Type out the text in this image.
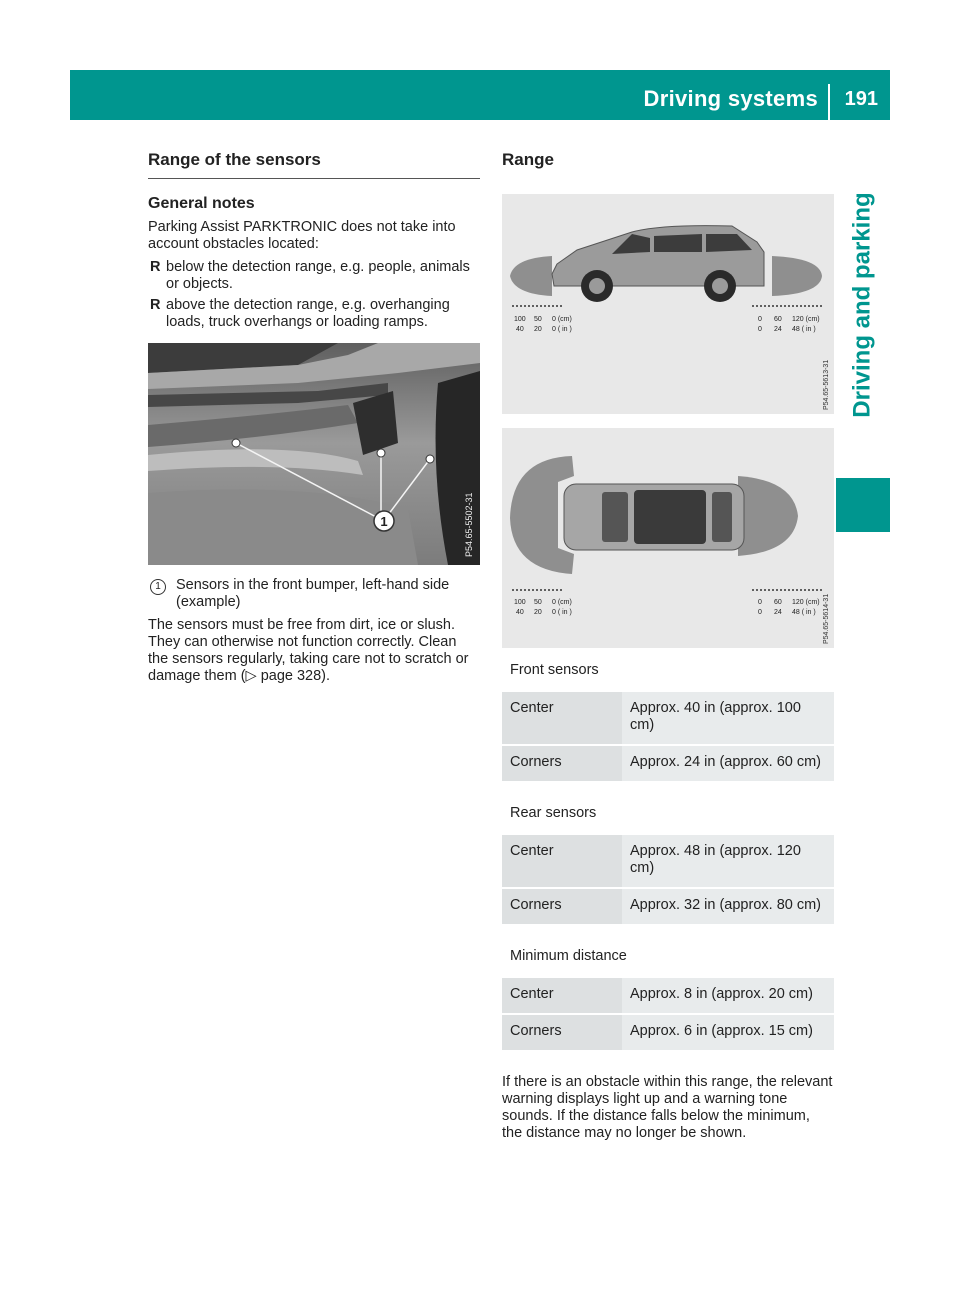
Driving systems 191
Driving and parking
Range of the sensors
General notes

Parking Assist PARKTRONIC does not take into account obstacles located:

R below the detection range, e.g. people, animals or objects.
R above the detection range, e.g. overhanging loads, truck overhangs or loading ramps.
1	P54.65-5502-31
1	Sensors in the front bumper, left-hand side (example)

The sensors must be free from dirt, ice or slush. They can otherwise not function correctly. Clean the sensors regularly, taking care not to scratch or damage them (▷ page 328).

Range
100 50 0 (cm)
40 20 0 ( in )
0 60 120 (cm)
0 24 48 ( in )
P54.65-5613-31
100 50 0 (cm)
40 20 0 ( in )
0 60 120 (cm)
0 24 48 ( in ) P54.65-5614-31
Front sensors
Center	Approx. 40 in (approx. 100 cm)
Corners	Approx. 24 in (approx. 60 cm)
Rear sensors
Center	Approx. 48 in (approx. 120 cm)
Corners	Approx. 32 in (approx. 80 cm)
Minimum distance
Center	Approx. 8 in (approx. 20 cm)
Corners	Approx. 6 in (approx. 15 cm)

If there is an obstacle within this range, the relevant warning displays light up and a warning tone sounds. If the distance falls below the minimum, the distance may no longer be shown.
